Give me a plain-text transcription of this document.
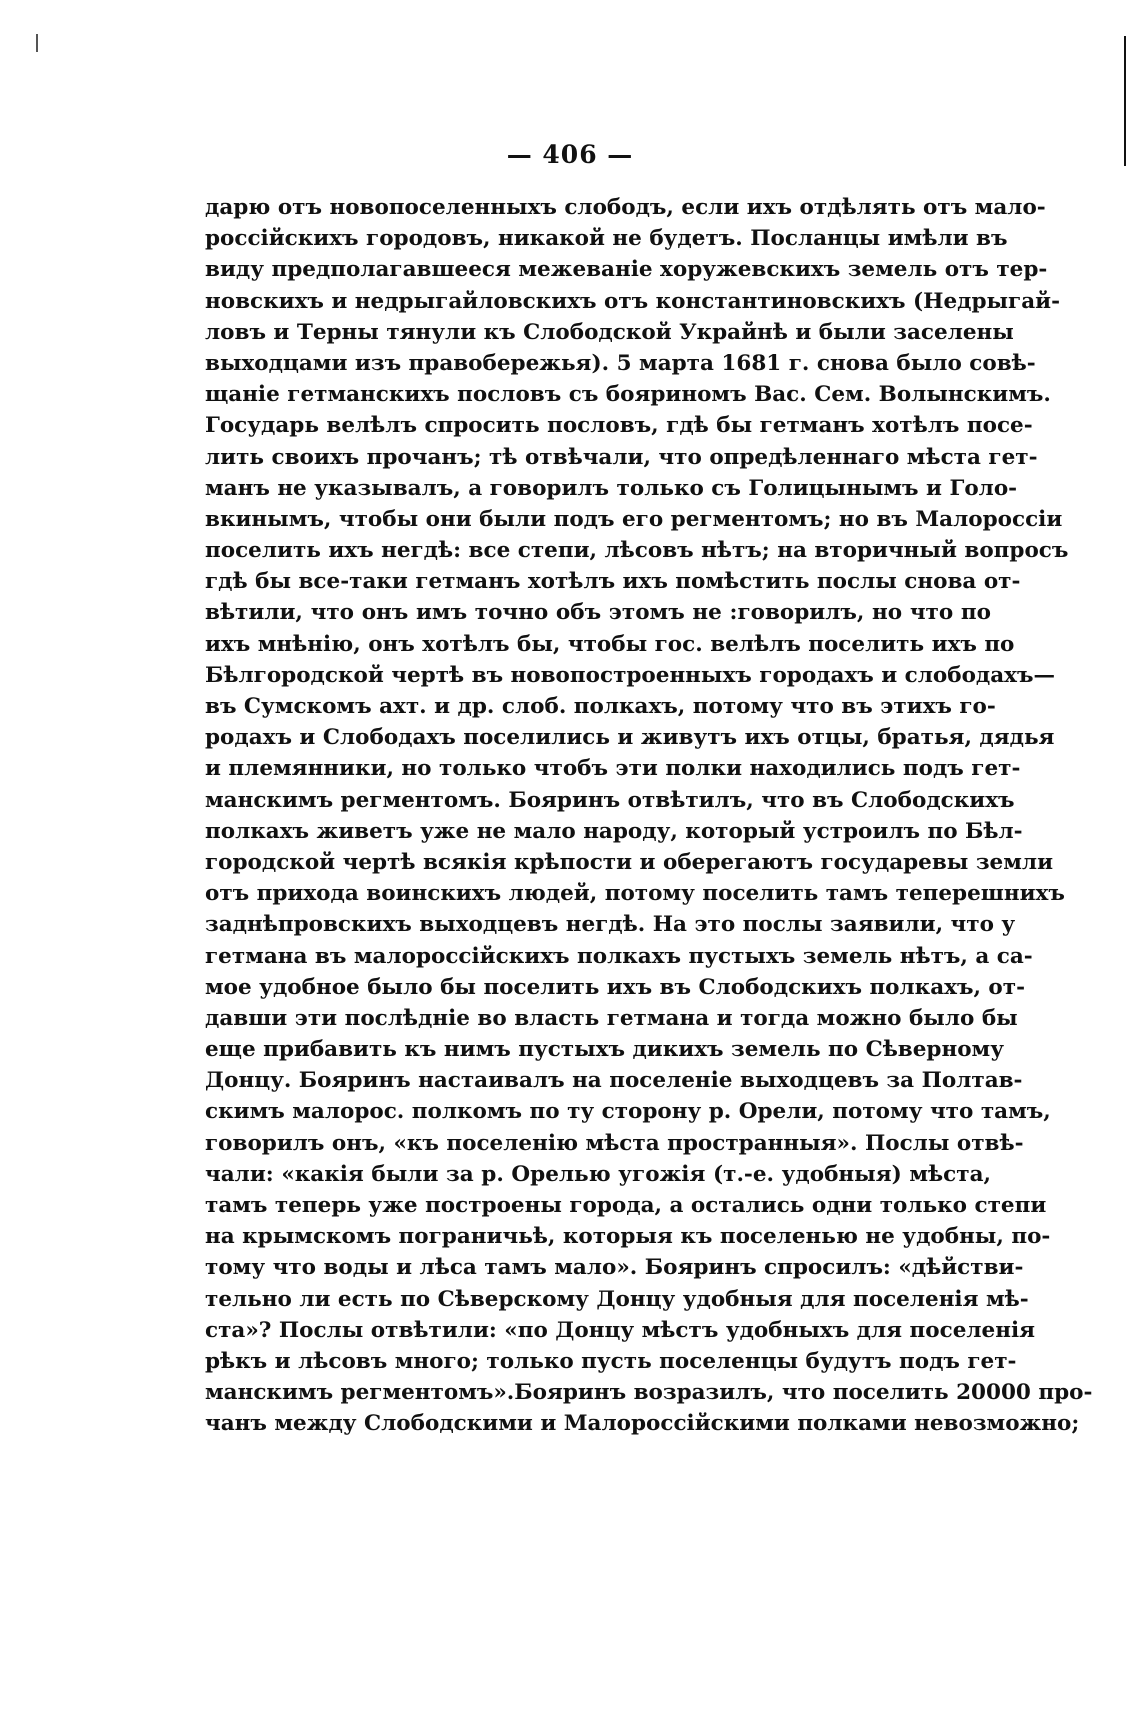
— 406 —
дарю отъ новопоселенныхъ слободъ, если ихъ отдѣлять отъ мало-
россійскихъ городовъ, никакой не будетъ. Посланцы имѣли въ
виду предполагавшееся межеваніе хоружевскихъ земель отъ тер-
новскихъ и недрыгайловскихъ отъ константиновскихъ (Недрыгай-
ловъ и Терны тянули къ Слободской Украйнѣ и были заселены
выходцами изъ правобережья). 5 марта 1681 г. снова было совѣ-
щаніе гетманскихъ пословъ съ бояриномъ Вас. Сем. Волынскимъ.
Государь велѣлъ спросить пословъ, гдѣ бы гетманъ хотѣлъ посе-
лить своихъ прочанъ; тѣ отвѣчали, что опредѣленнаго мѣста гет-
манъ не указывалъ, а говорилъ только съ Голицынымъ и Голо-
вкинымъ, чтобы они были подъ его регментомъ; но въ Малороссіи
поселить ихъ негдѣ: все степи, лѣсовъ нѣтъ; на вторичный вопросъ
гдѣ бы все-таки гетманъ хотѣлъ ихъ помѣстить послы снова от-
вѣтили, что онъ имъ точно объ этомъ не :говорилъ, но что по
ихъ мнѣнію, онъ хотѣлъ бы, чтобы гос. велѣлъ поселить ихъ по
Бѣлгородской чертѣ въ новопостроенныхъ городахъ и слободахъ—
въ Сумскомъ ахт. и др. слоб. полкахъ, потому что въ этихъ го-
родахъ и Слободахъ поселились и живутъ ихъ отцы, братья, дядья
и племянники, но только чтобъ эти полки находились подъ гет-
манскимъ регментомъ. Бояринъ отвѣтилъ, что въ Слободскихъ
полкахъ живетъ уже не мало народу, который устроилъ по Бѣл-
городской чертѣ всякія крѣпости и оберегаютъ государевы земли
отъ прихода воинскихъ людей, потому поселить тамъ теперешнихъ
заднѣпровскихъ выходцевъ негдѣ. На это послы заявили, что у
гетмана въ малороссійскихъ полкахъ пустыхъ земель нѣтъ, а са-
мое удобное было бы поселить ихъ въ Слободскихъ полкахъ, от-
давши эти послѣдніе во власть гетмана и тогда можно было бы
еще прибавить къ нимъ пустыхъ дикихъ земель по Сѣверному
Донцу. Бояринъ настаивалъ на поселеніе выходцевъ за Полтав-
скимъ малорос. полкомъ по ту сторону р. Орели, потому что тамъ,
говорилъ онъ, «къ поселенію мѣста пространныя». Послы отвѣ-
чали: «какія были за р. Орелью угожія (т.-е. удобныя) мѣста,
тамъ теперь уже построены города, а остались одни только степи
на крымскомъ пограничьѣ, которыя къ поселенью не удобны, по-
тому что воды и лѣса тамъ мало». Бояринъ спросилъ: «дѣйстви-
тельно ли есть по Сѣверскому Донцу удобныя для поселенія мѣ-
ста»? Послы отвѣтили: «по Донцу мѣстъ удобныхъ для поселенія
рѣкъ и лѣсовъ много; только пусть поселенцы будутъ подъ гет-
манскимъ регментомъ».Бояринъ возразилъ, что поселить 20000 про-
чанъ между Слободскими и Малороссійскими полками невозможно;
